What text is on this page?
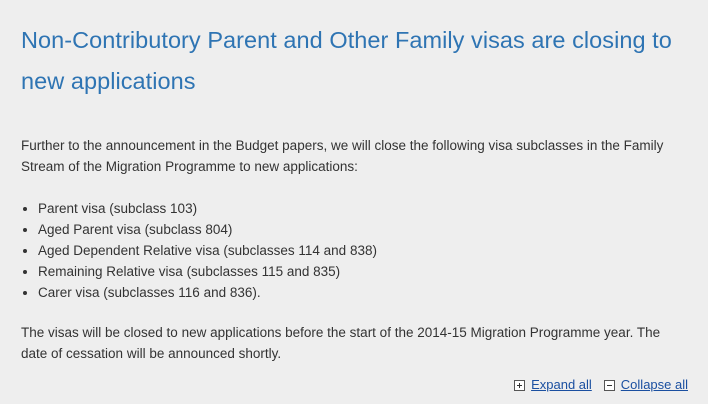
Non-Contributory Parent and Other Family visas are closing to new applications

Further to the announcement in the Budget papers, we will close the following visa subclasses in the Family Stream of the Migration Programme to new applications:

• Parent visa (subclass 103)
• Aged Parent visa (subclass 804)
• Aged Dependent Relative visa (subclasses 114 and 838)
• Remaining Relative visa (subclasses 115 and 835)
• Carer visa (subclasses 116 and 836).

The visas will be closed to new applications before the start of the 2014-15 Migration Programme year. The date of cessation will be announced shortly.

Expand all Collapse all
